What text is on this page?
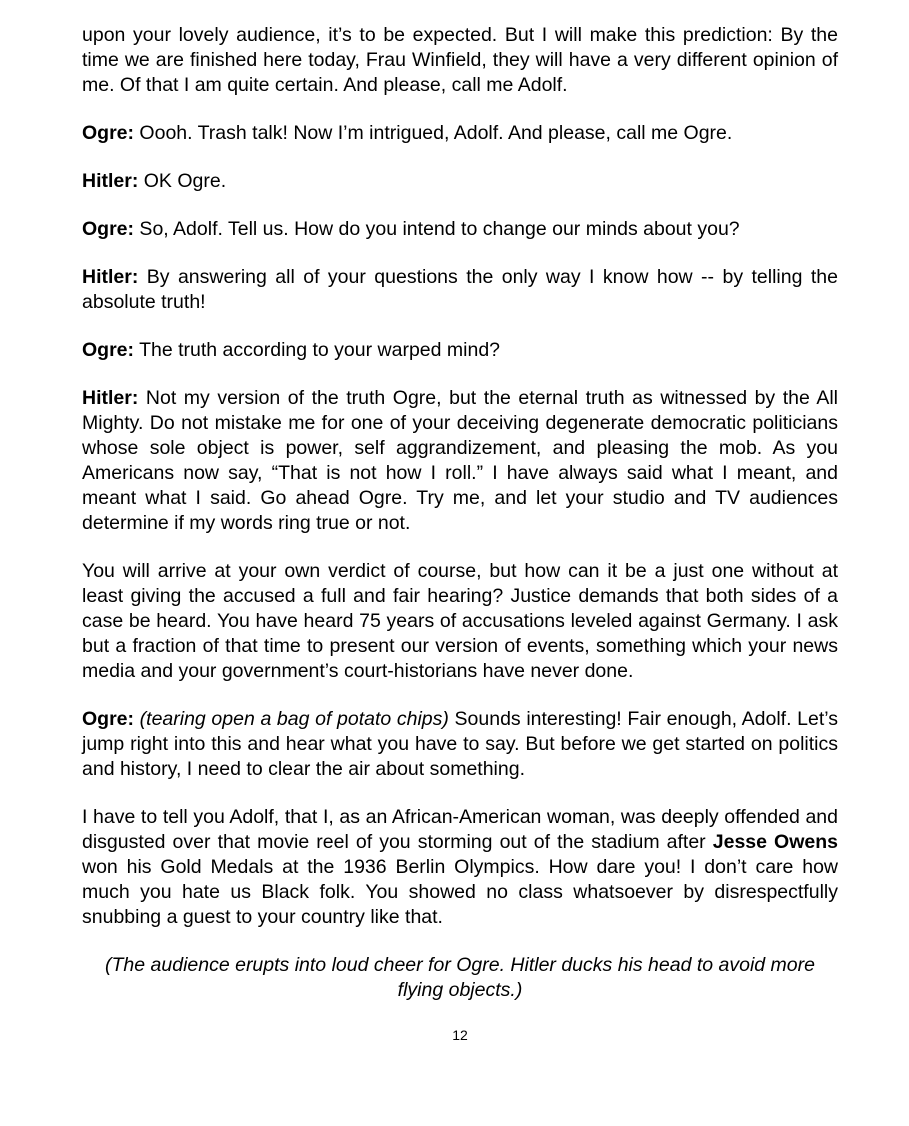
upon your lovely audience, it’s to be expected. But I will make this prediction: By the time we are finished here today, Frau Winfield, they will have a very different opinion of me. Of that I am quite certain. And please, call me Adolf.

Ogre: Oooh. Trash talk! Now I’m intrigued, Adolf. And please, call me Ogre.

Hitler: OK Ogre.

Ogre: So, Adolf. Tell us. How do you intend to change our minds about you?

Hitler: By answering all of your questions the only way I know how -- by telling the absolute truth!

Ogre: The truth according to your warped mind?

Hitler: Not my version of the truth Ogre, but the eternal truth as witnessed by the All Mighty. Do not mistake me for one of your deceiving degenerate democratic politicians whose sole object is power, self aggrandizement, and pleasing the mob. As you Americans now say, “That is not how I roll.” I have always said what I meant, and meant what I said. Go ahead Ogre. Try me, and let your studio and TV audiences determine if my words ring true or not.

You will arrive at your own verdict of course, but how can it be a just one without at least giving the accused a full and fair hearing? Justice demands that both sides of a case be heard. You have heard 75 years of accusations leveled against Germany. I ask but a fraction of that time to present our version of events, something which your news media and your government’s court-historians have never done.

Ogre: (tearing open a bag of potato chips) Sounds interesting! Fair enough, Adolf. Let’s jump right into this and hear what you have to say. But before we get started on politics and history, I need to clear the air about something.

I have to tell you Adolf, that I, as an African-American woman, was deeply offended and disgusted over that movie reel of you storming out of the stadium after Jesse Owens won his Gold Medals at the 1936 Berlin Olympics. How dare you! I don’t care how much you hate us Black folk. You showed no class whatsoever by disrespectfully snubbing a guest to your country like that.

(The audience erupts into loud cheer for Ogre. Hitler ducks his head to avoid more flying objects.)

12
